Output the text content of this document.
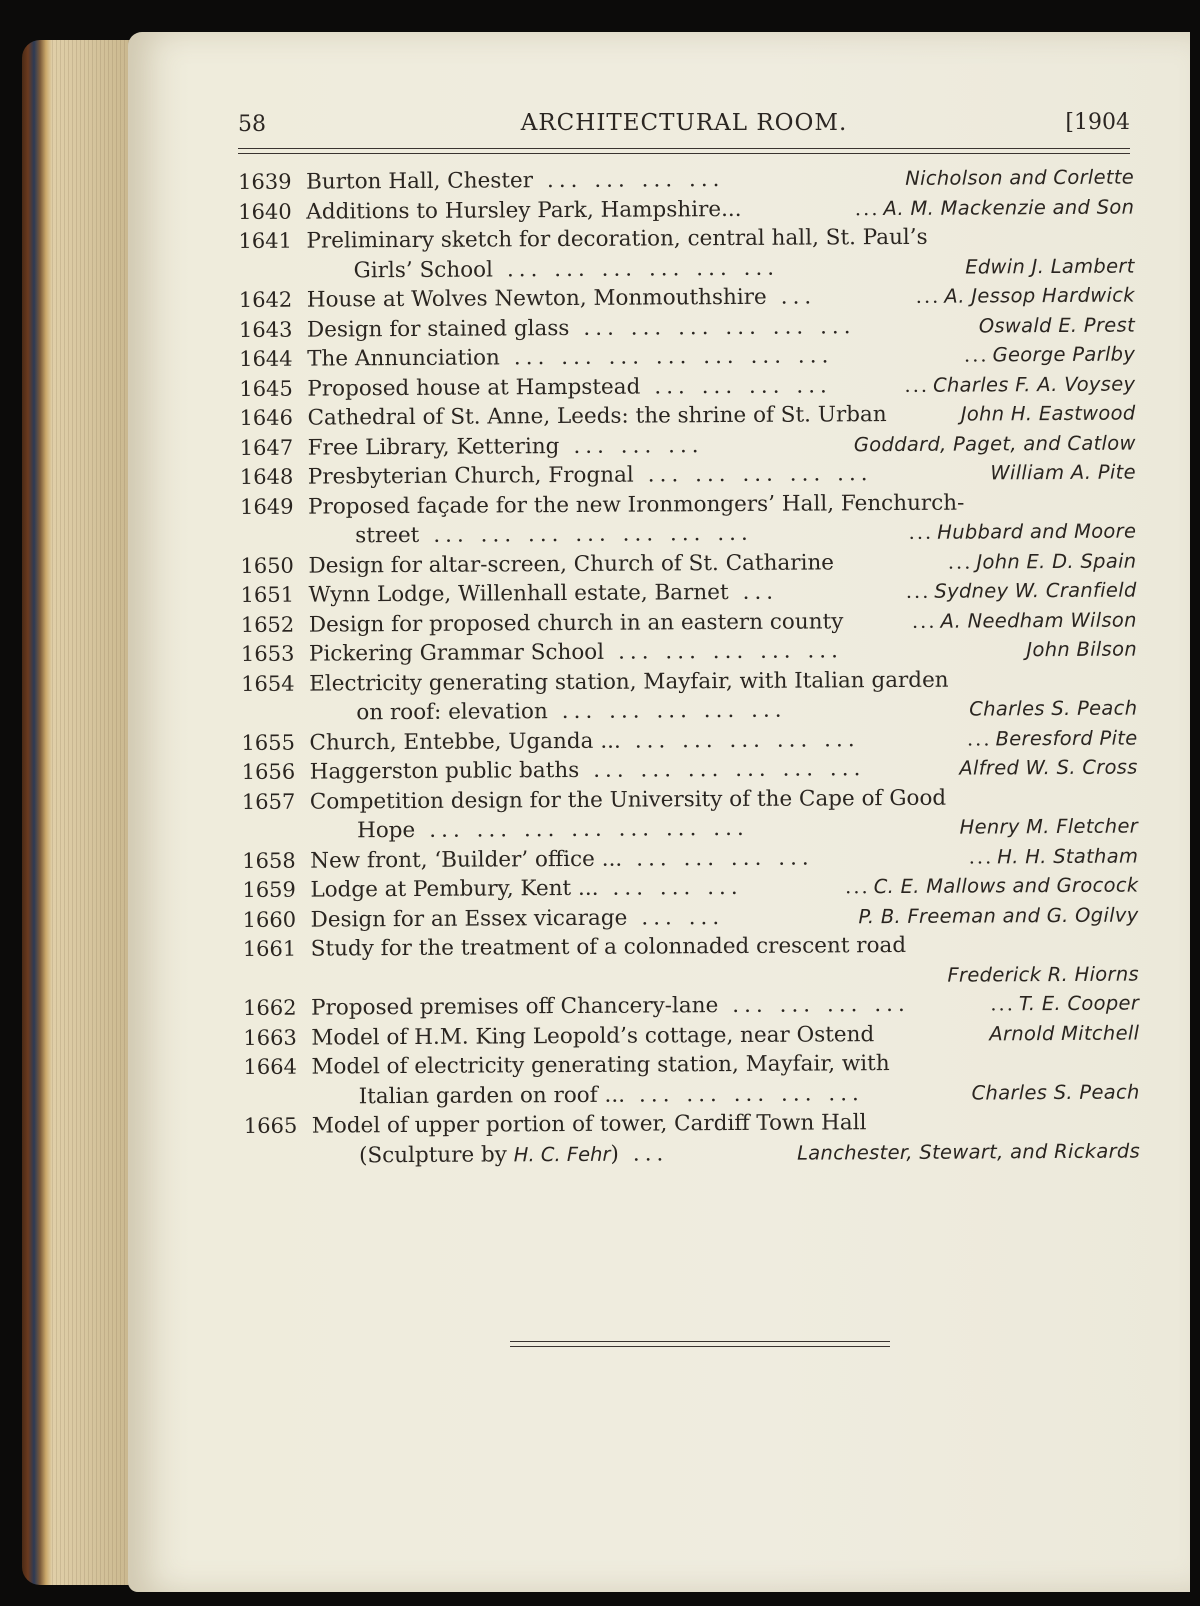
58	ARCHITECTURAL ROOM.	[1904
1639 Burton Hall, Chester ... ... ... ...	Nicholson and Corlette
1640 Additions to Hursley Park, Hampshire...	... A. M. Mackenzie and Son
1641 Preliminary sketch for decoration, central hall, St. Paul’s
Girls’ School ... ... ... ... ... ...	Edwin J. Lambert
1642 House at Wolves Newton, Monmouthshire ...	... A. Jessop Hardwick
1643 Design for stained glass ... ... ... ... ... ...	Oswald E. Prest
1644 The Annunciation ... ... ... ... ... ... ...	... George Parlby
1645 Proposed house at Hampstead ... ... ... ...	... Charles F. A. Voysey
1646 Cathedral of St. Anne, Leeds: the shrine of St. Urban	John H. Eastwood
1647 Free Library, Kettering ... ... ...	Goddard, Paget, and Catlow
1648 Presbyterian Church, Frognal ... ... ... ... ...	William A. Pite
1649 Proposed façade for the new Ironmongers’ Hall, Fenchurch-
street ... ... ... ... ... ... ...	... Hubbard and Moore
1650 Design for altar-screen, Church of St. Catharine	... John E. D. Spain
1651 Wynn Lodge, Willenhall estate, Barnet ...	... Sydney W. Cranfield
1652 Design for proposed church in an eastern county	... A. Needham Wilson
1653 Pickering Grammar School ... ... ... ... ...	John Bilson
1654 Electricity generating station, Mayfair, with Italian garden
on roof: elevation ... ... ... ... ...	Charles S. Peach
1655 Church, Entebbe, Uganda ... ... ... ... ... ...	... Beresford Pite
1656 Haggerston public baths ... ... ... ... ... ...	Alfred W. S. Cross
1657 Competition design for the University of the Cape of Good
Hope ... ... ... ... ... ... ...	Henry M. Fletcher
1658 New front, ‘Builder’ office ... ... ... ... ...	... H. H. Statham
1659 Lodge at Pembury, Kent ... ... ... ...	... C. E. Mallows and Grocock
1660 Design for an Essex vicarage ... ...	P. B. Freeman and G. Ogilvy
1661 Study for the treatment of a colonnaded crescent road
Frederick R. Hiorns
1662 Proposed premises off Chancery-lane ... ... ... ...	... T. E. Cooper
1663 Model of H.M. King Leopold’s cottage, near Ostend	Arnold Mitchell
1664 Model of electricity generating station, Mayfair, with
Italian garden on roof ... ... ... ... ... ...	Charles S. Peach
1665 Model of upper portion of tower, Cardiff Town Hall
(Sculpture by H. C. Fehr) ...	Lanchester, Stewart, and Rickards
